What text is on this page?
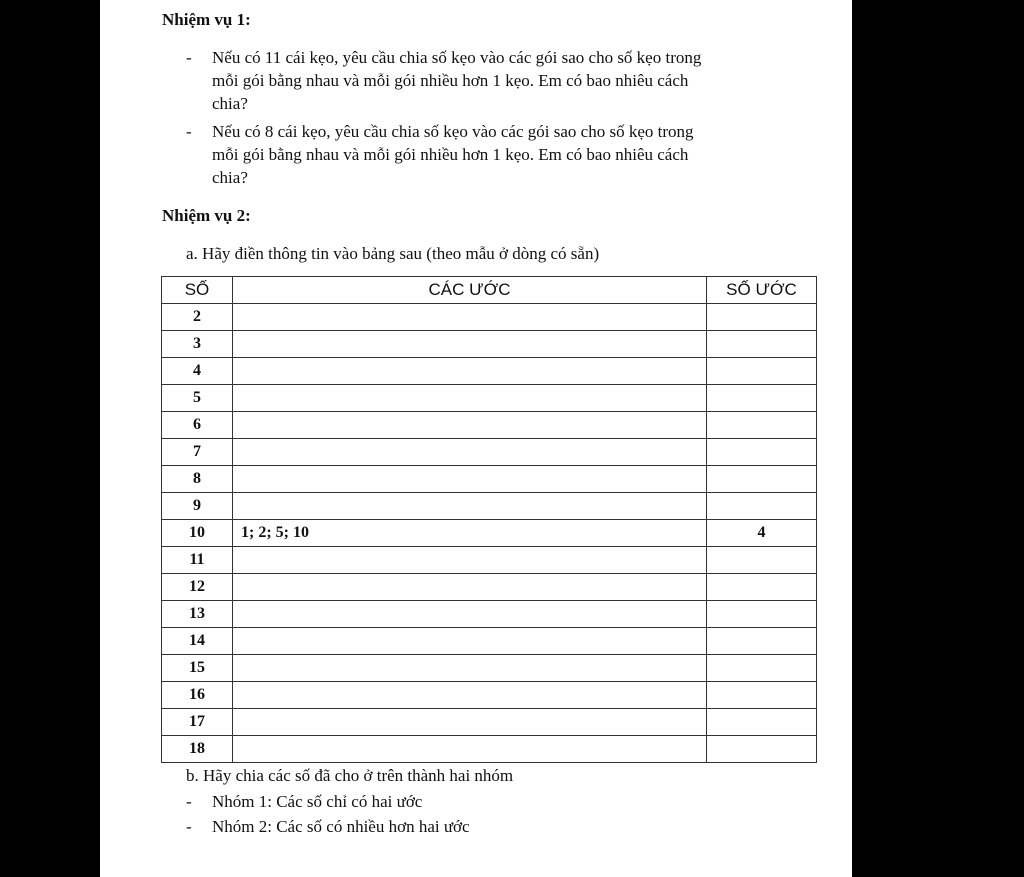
Nhiệm vụ 1:
- Nếu có 11 cái kẹo, yêu cầu chia số kẹo vào các gói sao cho số kẹo trong
mỗi gói bằng nhau và mỗi gói nhiều hơn 1 kẹo. Em có bao nhiêu cách
chia?
- Nếu có 8 cái kẹo, yêu cầu chia số kẹo vào các gói sao cho số kẹo trong
mỗi gói bằng nhau và mỗi gói nhiều hơn 1 kẹo. Em có bao nhiêu cách
chia?
Nhiệm vụ 2:
a. Hãy điền thông tin vào bảng sau (theo mẫu ở dòng có sẵn)
SỐ	CÁC ƯỚC	SỐ ƯỚC
2		
3		
4		
5		
6		
7		
8		
9		
10	1; 2; 5; 10	4
11		
12		
13		
14		
15		
16		
17		
18		
b. Hãy chia các số đã cho ở trên thành hai nhóm
- Nhóm 1: Các số chỉ có hai ước
- Nhóm 2: Các số có nhiều hơn hai ước
